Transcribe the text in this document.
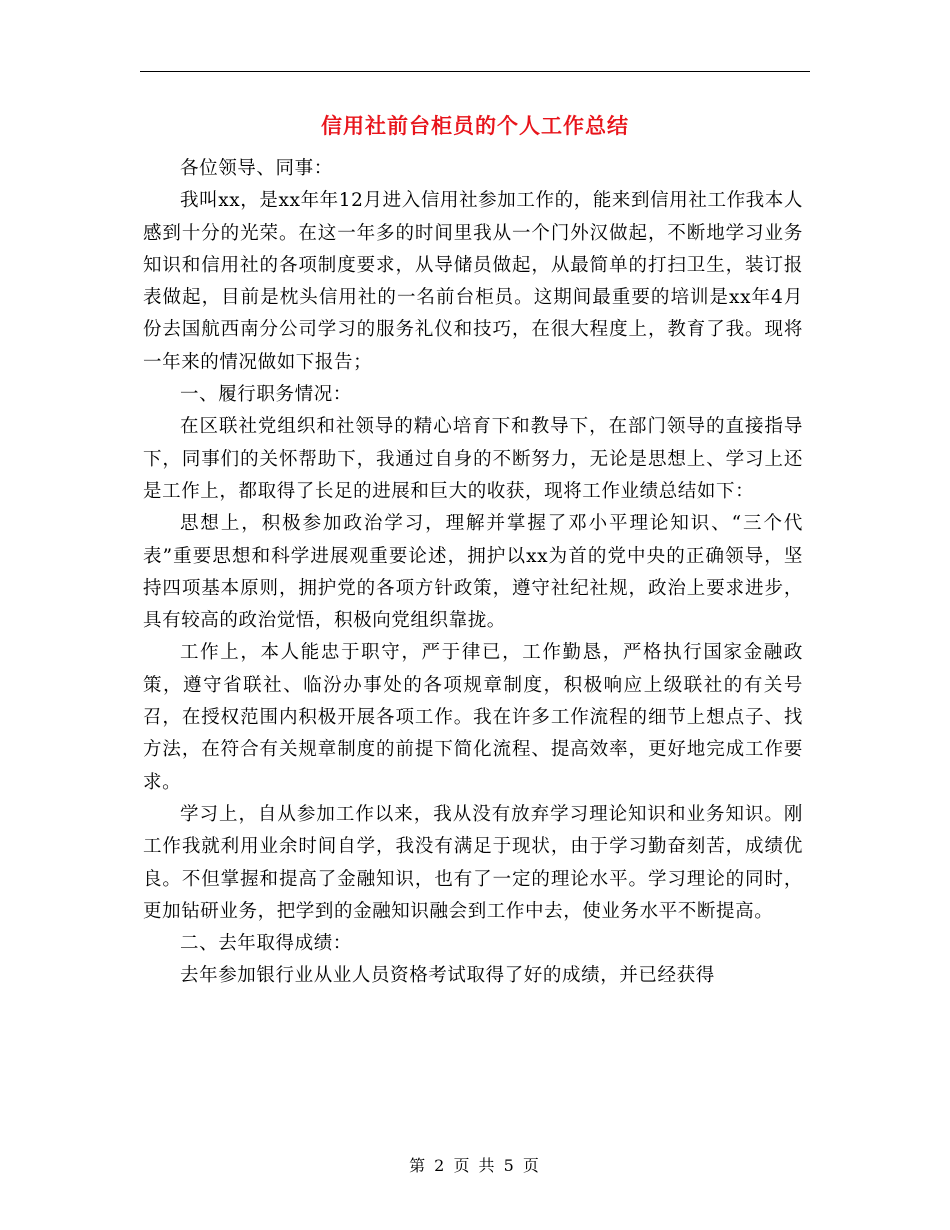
信用社前台柜员的个人工作总结

各位领导、同事：

我叫xx，是xx年年12月进入信用社参加工作的，能来到信用社工作我本人感到十分的光荣。在这一年多的时间里我从一个门外汉做起，不断地学习业务知识和信用社的各项制度要求，从导储员做起，从最简单的打扫卫生，装订报表做起，目前是枕头信用社的一名前台柜员。这期间最重要的培训是xx年4月份去国航西南分公司学习的服务礼仪和技巧，在很大程度上，教育了我。现将一年来的情况做如下报告；

一、履行职务情况：

在区联社党组织和社领导的精心培育下和教导下，在部门领导的直接指导下，同事们的关怀帮助下，我通过自身的不断努力，无论是思想上、学习上还是工作上，都取得了长足的进展和巨大的收获，现将工作业绩总结如下：

思想上，积极参加政治学习，理解并掌握了邓小平理论知识、“三个代表”重要思想和科学进展观重要论述，拥护以xx为首的党中央的正确领导，坚持四项基本原则，拥护党的各项方针政策，遵守社纪社规，政治上要求进步，具有较高的政治觉悟，积极向党组织靠拢。

工作上，本人能忠于职守，严于律已，工作勤恳，严格执行国家金融政策，遵守省联社、临汾办事处的各项规章制度，积极响应上级联社的有关号召，在授权范围内积极开展各项工作。我在许多工作流程的细节上想点子、找方法，在符合有关规章制度的前提下简化流程、提高效率，更好地完成工作要求。

学习上，自从参加工作以来，我从没有放弃学习理论知识和业务知识。刚工作我就利用业余时间自学，我没有满足于现状，由于学习勤奋刻苦，成绩优良。不但掌握和提高了金融知识，也有了一定的理论水平。学习理论的同时，更加钻研业务，把学到的金融知识融会到工作中去，使业务水平不断提高。

二、去年取得成绩：

去年参加银行业从业人员资格考试取得了好的成绩，并已经获得

第 2 页 共 5 页
